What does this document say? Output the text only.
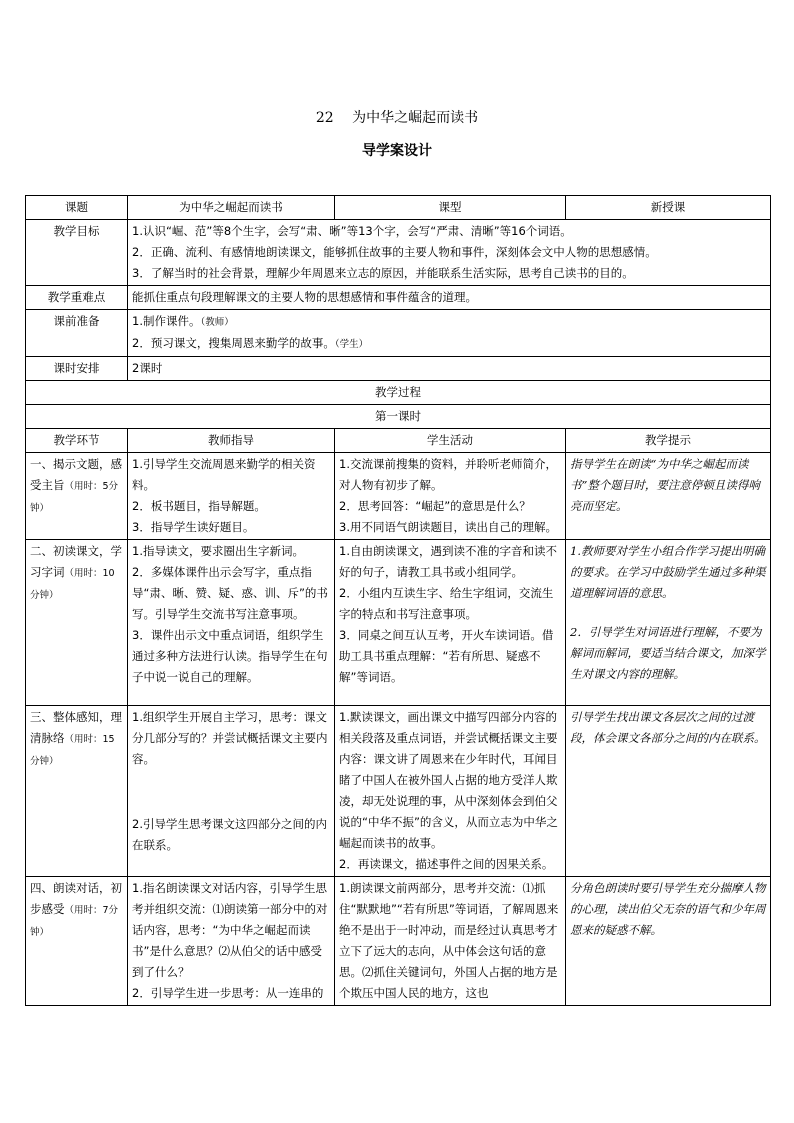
22　 为中华之崛起而读书
导学案设计
课题	为中华之崛起而读书	课型	新授课
教学目标	1.认识“崛、范”等8个生字，会写“肃、晰”等13个字，会写“严肃、清晰”等16个词语。
2．正确、流利、有感情地朗读课文，能够抓住故事的主要人物和事件，深刻体会文中人物的思想感情。
3．了解当时的社会背景，理解少年周恩来立志的原因，并能联系生活实际，思考自己读书的目的。		

教学重难点	能抓住重点句段理解课文的主要人物的思想感情和事件蕴含的道理。		
课前准备	1.制作课件。（教师）
2．预习课文，搜集周恩来勤学的故事。（学生）		

课时安排	2课时		
教学过程			
第一课时			
教学环节	教师指导	学生活动	教学提示
一、揭示文题，感受主旨（用时：5分钟）	1.引导学生交流周恩来勤学的相关资料。
2．板书题目，指导解题。
3．指导学生读好题目。	1.交流课前搜集的资料，并聆听老师简介，对人物有初步了解。
2．思考回答：“崛起”的意思是什么？
3.用不同语气朗读题目，读出自己的理解。	指导学生在朗读“为中华之崛起而读书”整个题目时，要注意停顿且读得响亮而坚定。

二、初读课文，学习字词（用时：10分钟）	1.指导读文，要求圈出生字新词。
2．多媒体课件出示会写字，重点指导“肃、晰、赞、疑、惑、训、斥”的书写。引导学生交流书写注意事项。
3．课件出示文中重点词语，组织学生通过多种方法进行认读。指导学生在句子中说一说自己的理解。	1.自由朗读课文，遇到读不准的字音和读不好的句子，请教工具书或小组同学。
2．小组内互读生字、给生字组词，交流生字的特点和书写注意事项。
3．同桌之间互认互考，开火车读词语。借助工具书重点理解：“若有所思、疑惑不解”等词语。	1.教师要对学生小组合作学习提出明确的要求。在学习中鼓励学生通过多种渠道理解词语的意思。
2．引导学生对词语进行理解，不要为解词而解词，要适当结合课文，加深学生对课文内容的理解。

三、整体感知，理清脉络（用时：15分钟）	1.组织学生开展自主学习，思考：课文分几部分写的？并尝试概括课文主要内容。
2.引导学生思考课文这四部分之间的内在联系。	1.默读课文，画出课文中描写四部分内容的相关段落及重点词语，并尝试概括课文主要内容：课文讲了周恩来在少年时代，耳闻目睹了中国人在被外国人占据的地方受洋人欺凌，却无处说理的事，从中深刻体会到伯父说的“中华不振”的含义，从而立志为中华之崛起而读书的故事。
2．再读课文，描述事件之间的因果关系。	引导学生找出课文各层次之间的过渡段，体会课文各部分之间的内在联系。

四、朗读对话，初步感受（用时：7分钟）	1.指名朗读课文对话内容，引导学生思考并组织交流：⑴朗读第一部分中的对话内容，思考：“为中华之崛起而读书”是什么意思？⑵从伯父的话中感受到了什么？
2．引导学生进一步思考：从一连串的	1.朗读课文前两部分，思考并交流：⑴抓住“默默地”“若有所思”等词语，了解周恩来绝不是出于一时冲动，而是经过认真思考才立下了远大的志向，从中体会这句话的意思。⑵抓住关键词句，外国人占据的地方是个欺压中国人民的地方，这也	分角色朗读时要引导学生充分揣摩人物的心理，读出伯父无奈的语气和少年周恩来的疑惑不解。
